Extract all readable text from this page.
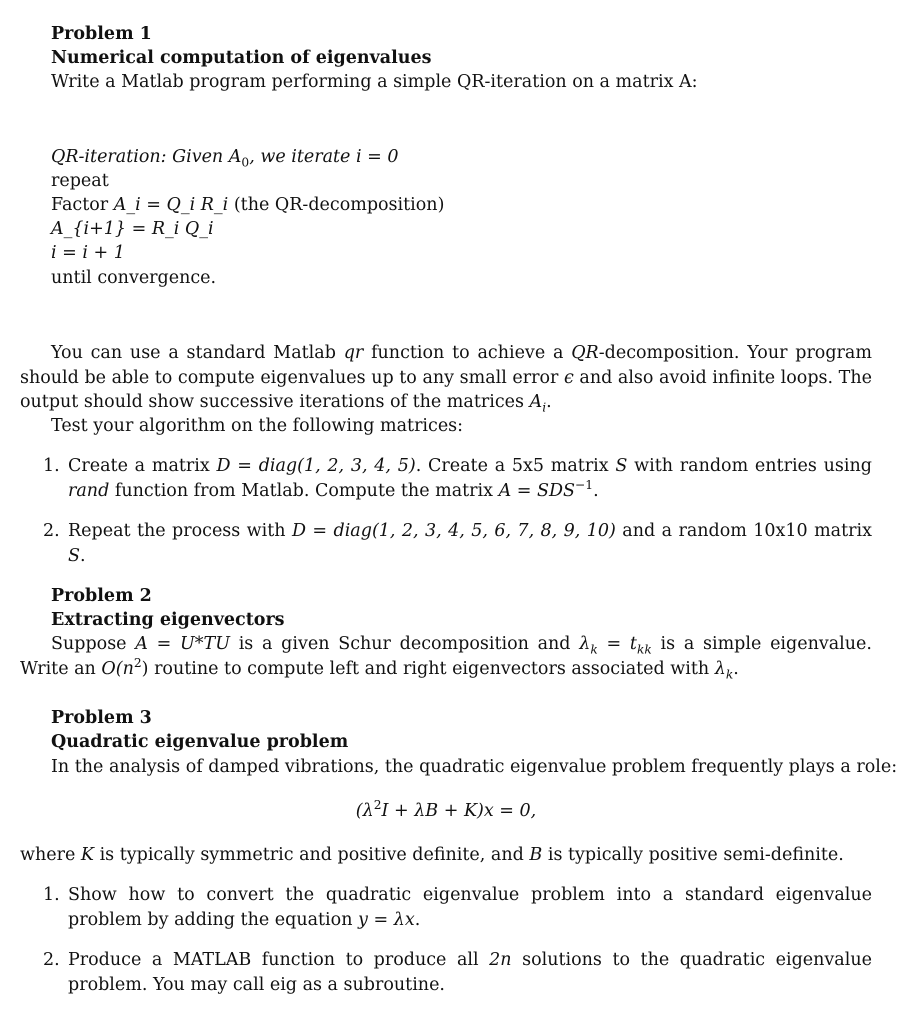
Problem 1
Numerical computation of eigenvalues
Write a Matlab program performing a simple QR-iteration on a matrix A:
QR-iteration: Given $A_0$, we iterate i = 0
repeat
Factor A_i = Q_i R_i (the QR-decomposition)
A_{i+1} = R_i Q_i
i = i + 1
until convergence.
You can use a standard Matlab qr function to achieve a QR-decomposition. Your program should be able to compute eigenvalues up to any small error ϵ and also avoid infinite loops. The output should show successive iterations of the matrices $A_i$.
Test your algorithm on the following matrices:
1. Create a matrix D = diag(1, 2, 3, 4, 5). Create a 5x5 matrix S with random entries using rand function from Matlab. Compute the matrix $A = SDS^{-1}$.
2. Repeat the process with D = diag(1, 2, 3, 4, 5, 6, 7, 8, 9, 10) and a random 10x10 matrix S.
Problem 2
Extracting eigenvectors
Suppose A = U*TU is a given Schur decomposition and $\lambda_k = t_{kk}$ is a simple eigenvalue. Write an $O(n^2)$ routine to compute left and right eigenvectors associated with $\lambda_k$.
Problem 3
Quadratic eigenvalue problem
In the analysis of damped vibrations, the quadratic eigenvalue problem frequently plays a role:
$(\lambda^2I + \lambda B + K)x = 0$,
where K is typically symmetric and positive definite, and B is typically positive semi-definite.
1. Show how to convert the quadratic eigenvalue problem into a standard eigenvalue problem by adding the equation y = λx.
2. Produce a MATLAB function to produce all 2n solutions to the quadratic eigenvalue problem. You may call eig as a subroutine.
